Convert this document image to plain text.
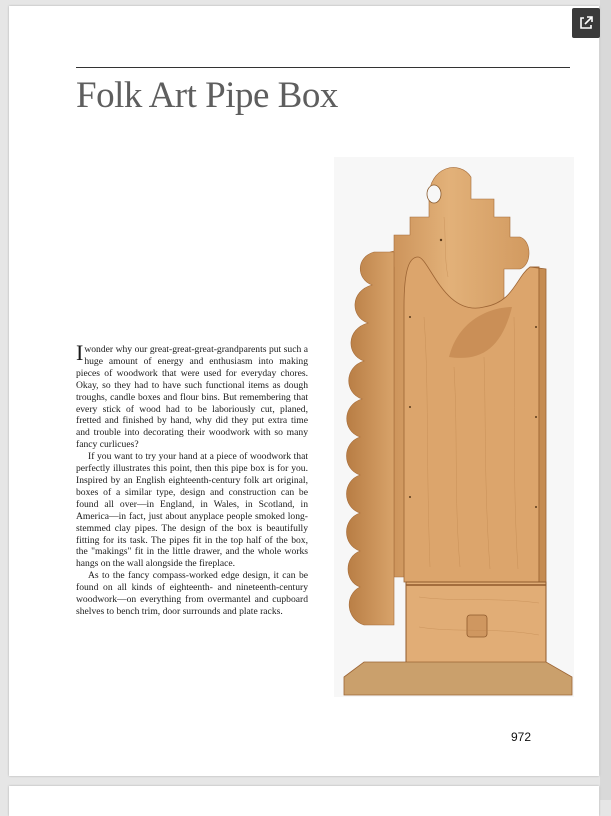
Folk Art Pipe Box

Iwonder why our great-great-great-grandparents put such a huge amount of energy and enthusiasm into making pieces of woodwork that were used for everyday chores. Okay, so they had to have such functional items as dough troughs, candle boxes and flour bins. But remembering that every stick of wood had to be laboriously cut, planed, fretted and finished by hand, why did they put extra time and trouble into decorating their woodwork with so many fancy curlicues?

If you want to try your hand at a piece of woodwork that perfectly illustrates this point, then this pipe box is for you. Inspired by an English eighteenth-century folk art original, boxes of a similar type, design and construction can be found all over—in England, in Wales, in Scotland, in America—in fact, just about anyplace people smoked long-stemmed clay pipes. The design of the box is beautifully fitting for its task. The pipes fit in the top half of the box, the "makings" fit in the little drawer, and the whole works hangs on the wall alongside the fireplace.

As to the fancy compass-worked edge design, it can be found on all kinds of eighteenth- and nineteenth-century woodwork—on everything from overmantel and cupboard shelves to bench trim, door surrounds and plate racks.

972
